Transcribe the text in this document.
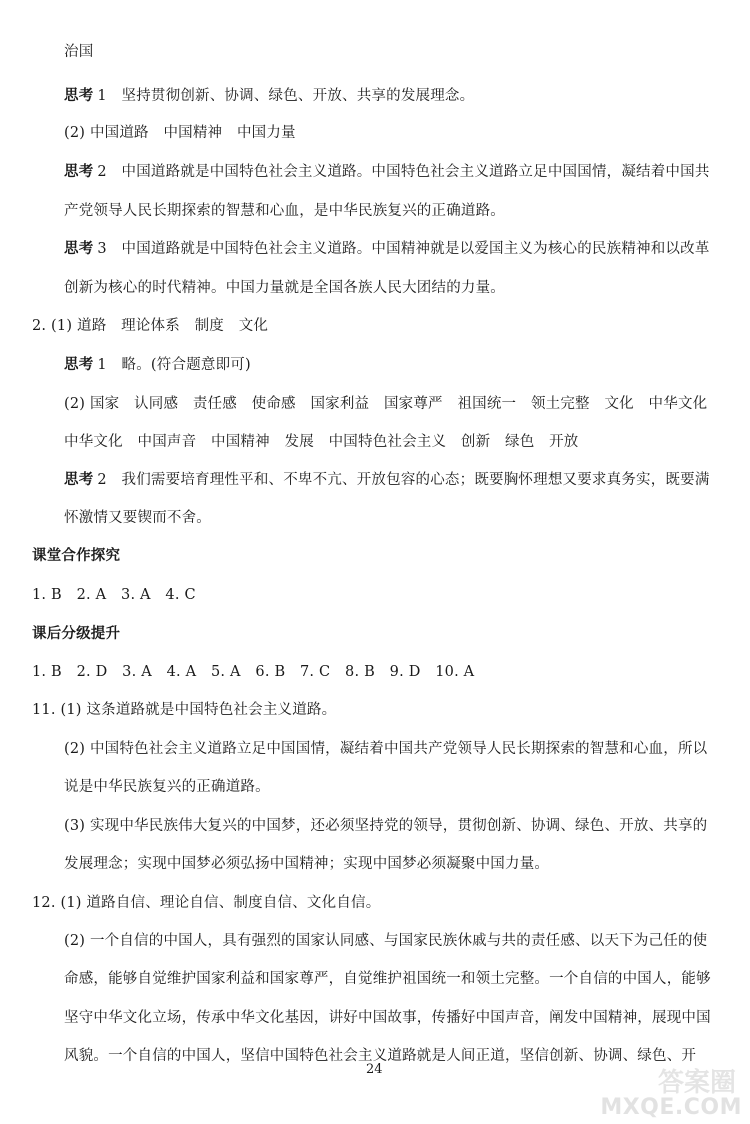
治国
思考 1　坚持贯彻创新、协调、绿色、开放、共享的发展理念。
(2) 中国道路　中国精神　中国力量
思考 2　中国道路就是中国特色社会主义道路。中国特色社会主义道路立足中国国情，凝结着中国共
产党领导人民长期探索的智慧和心血，是中华民族复兴的正确道路。
思考 3　中国道路就是中国特色社会主义道路。中国精神就是以爱国主义为核心的民族精神和以改革
创新为核心的时代精神。中国力量就是全国各族人民大团结的力量。
2. (1) 道路　理论体系　制度　文化
思考 1　略。(符合题意即可)
(2) 国家　认同感　责任感　使命感　国家利益　国家尊严　祖国统一　领土完整　文化　中华文化
中华文化　中国声音　中国精神　发展　中国特色社会主义　创新　绿色　开放
思考 2　我们需要培育理性平和、不卑不亢、开放包容的心态；既要胸怀理想又要求真务实，既要满
怀激情又要锲而不舍。
课堂合作探究
1. B　2. A　3. A　4. C
课后分级提升
1. B　2. D　3. A　4. A　5. A　6. B　7. C　8. B　9. D　10. A
11. (1) 这条道路就是中国特色社会主义道路。
(2) 中国特色社会主义道路立足中国国情，凝结着中国共产党领导人民长期探索的智慧和心血，所以
说是中华民族复兴的正确道路。
(3) 实现中华民族伟大复兴的中国梦，还必须坚持党的领导，贯彻创新、协调、绿色、开放、共享的
发展理念；实现中国梦必须弘扬中国精神；实现中国梦必须凝聚中国力量。
12. (1) 道路自信、理论自信、制度自信、文化自信。
(2) 一个自信的中国人，具有强烈的国家认同感、与国家民族休戚与共的责任感、以天下为己任的使
命感，能够自觉维护国家利益和国家尊严，自觉维护祖国统一和领土完整。一个自信的中国人，能够
坚守中华文化立场，传承中华文化基因，讲好中国故事，传播好中国声音，阐发中国精神，展现中国
风貌。一个自信的中国人，坚信中国特色社会主义道路就是人间正道，坚信创新、协调、绿色、开
24	答案圈
MXQE.COM
